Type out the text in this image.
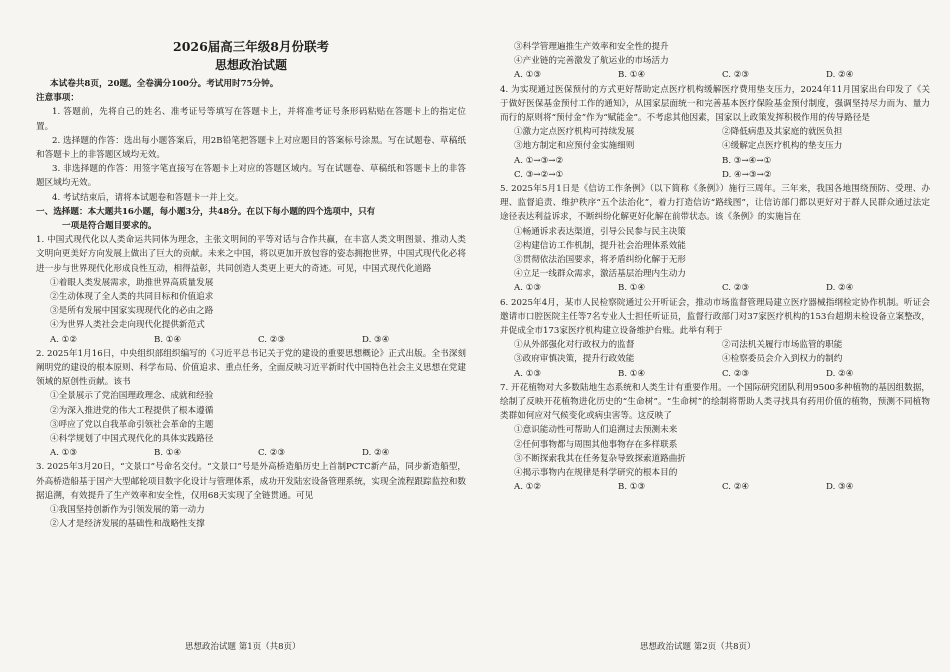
2026届高三年级8月份联考
思想政治试题
本试卷共8页，20题。全卷满分100分。考试用时75分钟。
注意事项：
1. 答题前，先将自己的姓名、准考证号等填写在答题卡上，并将准考证号条形码粘贴在答题卡上的指定位置。
2. 选择题的作答：选出每小题答案后，用2B铅笔把答题卡上对应题目的答案标号涂黑。写在试题卷、草稿纸和答题卡上的非答题区域均无效。
3. 非选择题的作答：用签字笔直接写在答题卡上对应的答题区域内。写在试题卷、草稿纸和答题卡上的非答题区域均无效。
4. 考试结束后，请将本试题卷和答题卡一并上交。
一、选择题：本大题共16小题，每小题3分，共48分。在以下每小题的四个选项中，只有
一项是符合题目要求的。
1. 中国式现代化以人类命运共同体为理念，主张文明间的平等对话与合作共赢，在丰富人类文明图景、推动人类文明向更美好方向发展上做出了巨大的贡献。未来之中国，将以更加开放包容的姿态拥抱世界，中国式现代化必将进一步与世界现代化形成良性互动，相得益彰，共同创造人类更上更大的奇迹。可见，中国式现代化道路
①着眼人类发展需求，助推世界高质量发展
②生动体现了全人类的共同目标和价值追求
③是所有发展中国家实现现代化的必由之路
④为世界人类社会走向现代化提供新范式
A. ①②	B. ①④	C. ②③	D. ③④
2. 2025年1月16日，中央组织部组织编写的《习近平总书记关于党的建设的重要思想概论》正式出版。全书深刻阐明党的建设的根本原则、科学布局、价值追求、重点任务，全面反映习近平新时代中国特色社会主义思想在党建领域的原创性贡献。该书
①全景展示了党治国理政理念、成就和经验
②为深入推进党的伟大工程提供了根本遵循
③呼应了党以自我革命引领社会革命的主题
④科学规划了中国式现代化的具体实践路径
A. ①③	B. ①④	C. ②③	D. ②④
3. 2025年3月20日，“文景口”号命名交付。“文景口”号是外高桥造船历史上首制PCTC新产品，同步新造船型，外高桥造船基于国产大型邮轮项目数字化设计与管理体系，成功开发陆宏设备管理系统，实现全流程跟踪监控和数据追溯，有效提升了生产效率和安全性，仅用68天实现了全链贯通。可见
①我国坚持创新作为引领发展的第一动力
②人才是经济发展的基础性和战略性支撑
思想政治试题 第1页（共8页）
③科学管理遍推生产效率和安全性的提升
④产业链的完善激发了航运业的市场活力
A. ①③	B. ①④	C. ②③	D. ②④
4. 为实现通过医保预付的方式更好帮助定点医疗机构缓解医疗费用垫支压力，2024年11月国家出台印发了《关于做好医保基金预付工作的通知》，从国家层面统一和完善基本医疗保险基金预付制度，强调坚持尽力而为、量力而行的原则将“预付金”作为“赋能金”。不考虑其他因素，国家以上政策发挥积极作用的传导路径是
①激力定点医疗机构可持续发展	②降低病患及其家庭的就医负担
③地方制定和应预付金实施细则	④缓解定点医疗机构的垫支压力
A. ①→③→②	B. ③→④→①
C. ③→②→①	D. ④→③→②
5. 2025年5月1日是《信访工作条例》（以下简称《条例》）施行三周年。三年来，我国各地围绕预防、受理、办理、监督追责、维护秩序“五个法治化”，着力打造信访“路线图”，让信访部门都以更好对于群人民群众通过法定途径表达利益诉求，不断纠纷化解更好化解在前带状态。该《条例》的实施旨在
①畅通诉求表达渠道，引导公民参与民主决策
②构建信访工作机制，提升社会治理体系效能
③贯彻依法治国要求，将矛盾纠纷化解于无形
④立足一线群众需求，激活基层治理内生动力
A. ①③	B. ①④	C. ②③	D. ②④
6. 2025年4月，某市人民检察院通过公开听证会，推动市场监督管理局建立医疗器械指纲检定协作机制。听证会邀请市口腔医院主任等7名专业人士担任听证员，监督行政部门对37家医疗机构的153台超期未检设备立案整改，并促成全市173家医疗机构建立设备维护台账。此举有利于
①从外部强化对行政权力的监督	②司法机关履行市场监管的职能
③政府审慎决策，提升行政效能	④检察委员会介入到权力的制约
A. ①③	B. ①④	C. ②③	D. ②④
7. 开花植物对大多数陆地生态系统和人类生计有重要作用。一个国际研究团队利用9500多种植物的基因组数据，绘制了反映开花植物进化历史的“生命树”。“生命树”的绘制将帮助人类寻找具有药用价值的植物，预测不同植物类群如何应对气候变化或病虫害等。这反映了
①意识能动性可帮助人们追溯过去预测未来
②任何事物都与周围其他事物存在多样联系
③不断探索我其在任务复杂导致探索道路曲折
④揭示事物内在规律是科学研究的根本目的
A. ①②	B. ①③	C. ②④	D. ③④
思想政治试题 第2页（共8页）
